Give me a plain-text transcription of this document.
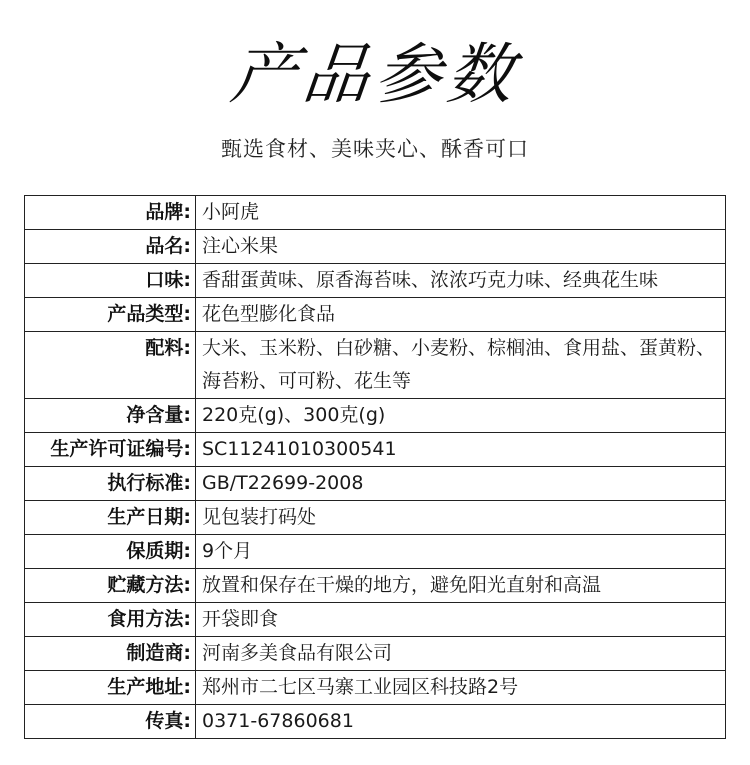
产品参数
甄选食材、美味夹心、酥香可口
品牌:	小阿虎
品名:	注心米果
口味:	香甜蛋黄味、原香海苔味、浓浓巧克力味、经典花生味
产品类型:	花色型膨化食品
配料:	大米、玉米粉、白砂糖、小麦粉、棕榈油、食用盐、蛋黄粉、海苔粉、可可粉、花生等
净含量:	220克(g)、300克(g)
生产许可证编号:	SC11241010300541
执行标准:	GB/T22699-2008
生产日期:	见包装打码处
保质期:	9个月
贮藏方法:	放置和保存在干燥的地方，避免阳光直射和高温
食用方法:	开袋即食
制造商:	河南多美食品有限公司
生产地址:	郑州市二七区马寨工业园区科技路2号
传真:	0371-67860681
